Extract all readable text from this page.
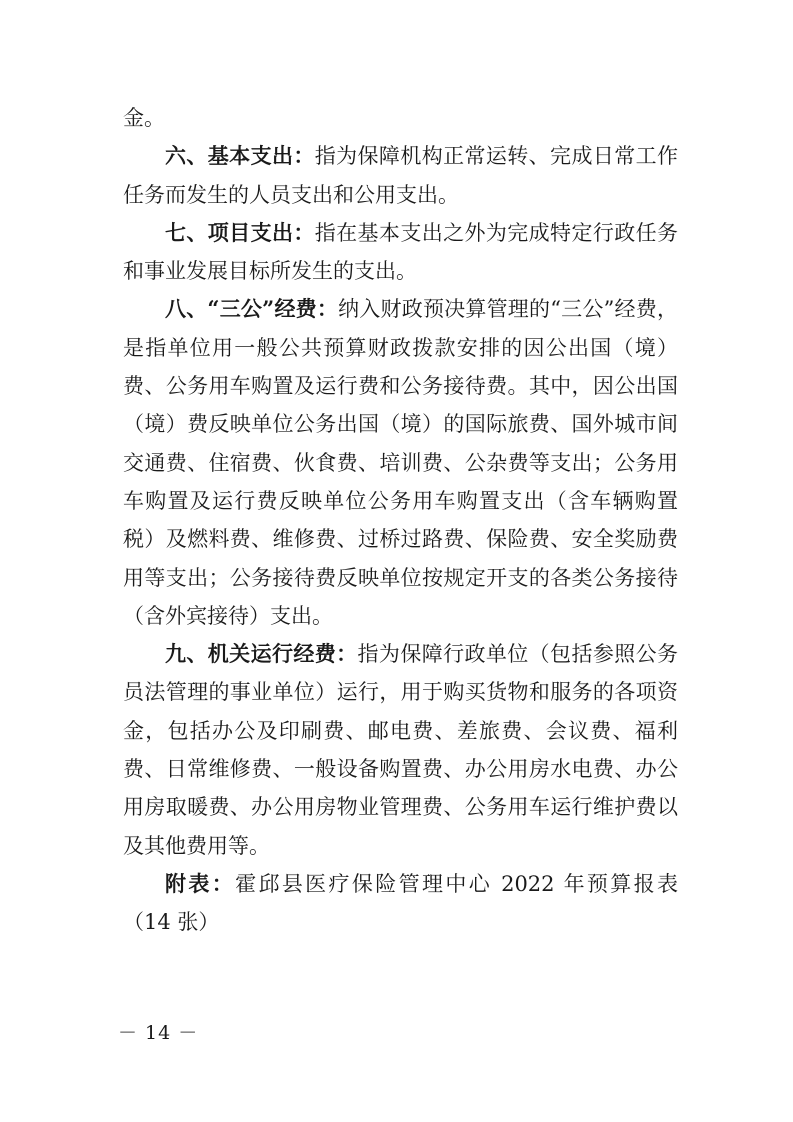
金。

六、基本支出：指为保障机构正常运转、完成日常工作任务而发生的人员支出和公用支出。

七、项目支出：指在基本支出之外为完成特定行政任务和事业发展目标所发生的支出。

八、“三公”经费：纳入财政预决算管理的“三公”经费，是指单位用一般公共预算财政拨款安排的因公出国（境）费、公务用车购置及运行费和公务接待费。其中，因公出国（境）费反映单位公务出国（境）的国际旅费、国外城市间交通费、住宿费、伙食费、培训费、公杂费等支出；公务用车购置及运行费反映单位公务用车购置支出（含车辆购置税）及燃料费、维修费、过桥过路费、保险费、安全奖励费用等支出；公务接待费反映单位按规定开支的各类公务接待（含外宾接待）支出。

九、机关运行经费：指为保障行政单位（包括参照公务员法管理的事业单位）运行，用于购买货物和服务的各项资金，包括办公及印刷费、邮电费、差旅费、会议费、福利费、日常维修费、一般设备购置费、办公用房水电费、办公用房取暖费、办公用房物业管理费、公务用车运行维护费以及其他费用等。

附表：霍邱县医疗保险管理中心 2022 年预算报表（14 张）

－ 14 －
